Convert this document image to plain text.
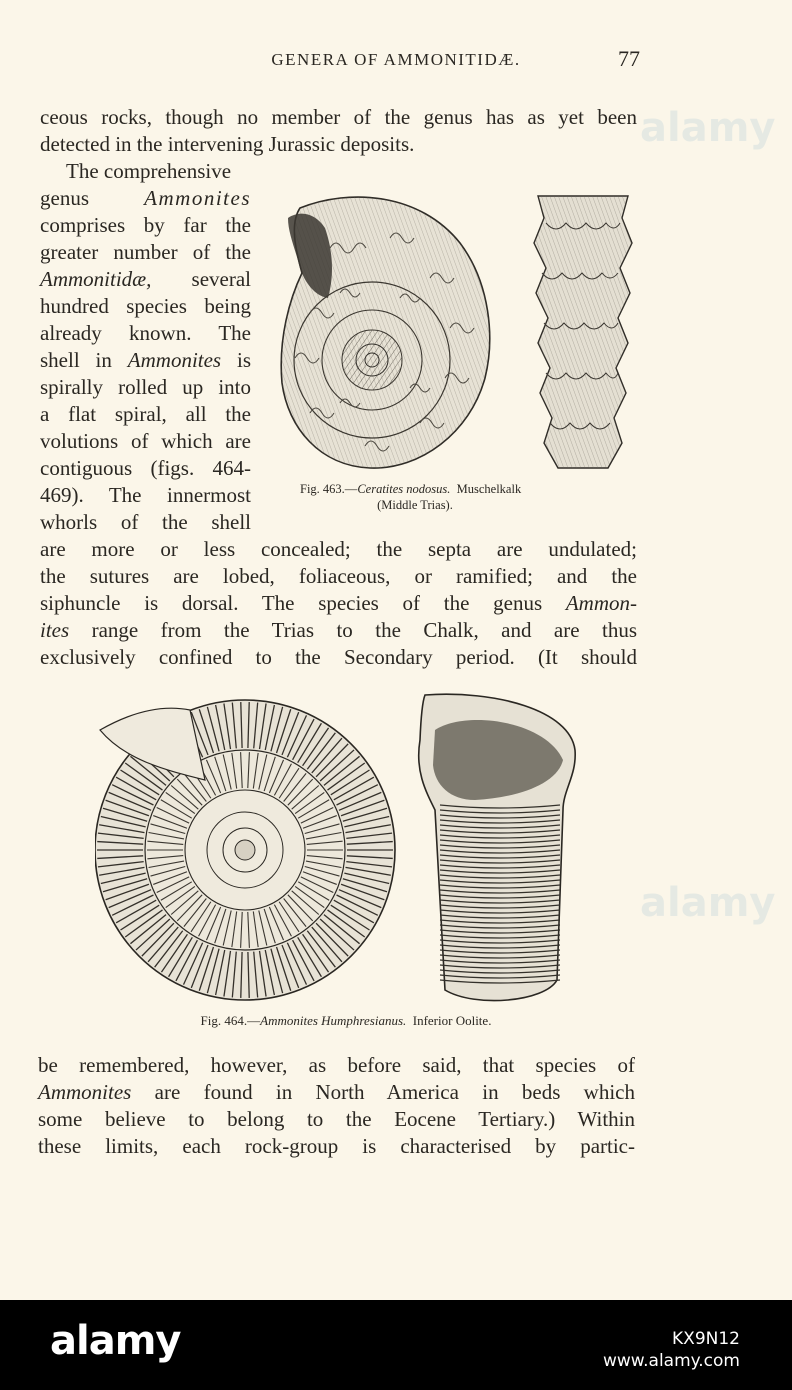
GENERA OF AMMONITIDÆ.	77
ceous rocks, though no member of the genus has as yet been
detected in the intervening Jurassic deposits.
The comprehensive
genus	Ammonites
comprises by far the
greater number of the
Ammonitidæ, several
hundred species being
already known. The
shell in Ammonites is
spirally rolled up into
a flat spiral, all the
volutions of which are
contiguous (figs. 464-
469). The innermost
whorls of the shell
are more or less concealed; the septa are undulated;
the sutures are lobed, foliaceous, or ramified; and the
siphuncle is dorsal. The species of the genus Ammon-
ites range from the Trias to the Chalk, and are thus
exclusively confined to the Secondary period. (It should
Fig. 463.—Ceratites nodosus. Muschelkalk
(Middle Trias).
Fig. 464.—Ammonites Humphresianus. Inferior Oolite.
be remembered, however, as before said, that species of
Ammonites are found in North America in beds which
some believe to belong to the Eocene Tertiary.) Within
these limits, each rock-group is characterised by partic-
alamy
alamy
alamy	KX9N12
www.alamy.com
